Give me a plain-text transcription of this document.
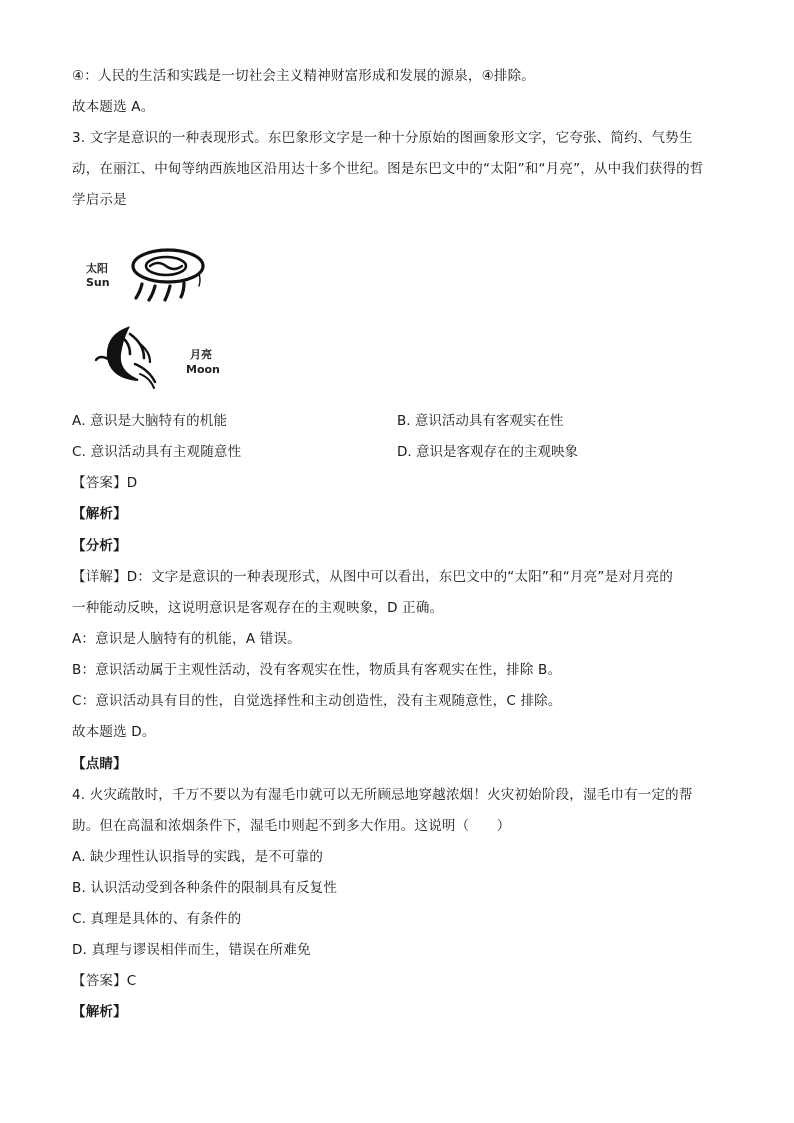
④：人民的生活和实践是一切社会主义精神财富形成和发展的源泉，④排除。
故本题选 A。
3. 文字是意识的一种表现形式。东巴象形文字是一种十分原始的图画象形文字，它夸张、简约、气势生
动，在丽江、中甸等纳西族地区沿用达十多个世纪。图是东巴文中的“太阳”和“月亮”，从中我们获得的哲
学启示是
太阳
Sun
月亮
Moon
A. 意识是大脑特有的机能	B. 意识活动具有客观实在性
C. 意识活动具有主观随意性	D. 意识是客观存在的主观映象
【答案】D
【解析】
【分析】
【详解】D：文字是意识的一种表现形式，从图中可以看出，东巴文中的“太阳”和“月亮”是对月亮的
一种能动反映，这说明意识是客观存在的主观映象，D 正确。
A：意识是人脑特有的机能，A 错误。
B：意识活动属于主观性活动，没有客观实在性，物质具有客观实在性，排除 B。
C：意识活动具有目的性，自觉选择性和主动创造性，没有主观随意性，C 排除。
故本题选 D。
【点睛】
4. 火灾疏散时，千万不要以为有湿毛巾就可以无所顾忌地穿越浓烟！火灾初始阶段，湿毛巾有一定的帮
助。但在高温和浓烟条件下，湿毛巾则起不到多大作用。这说明（　　）
A. 缺少理性认识指导的实践，是不可靠的
B. 认识活动受到各种条件的限制具有反复性
C. 真理是具体的、有条件的
D. 真理与谬误相伴而生，错误在所难免
【答案】C
【解析】
